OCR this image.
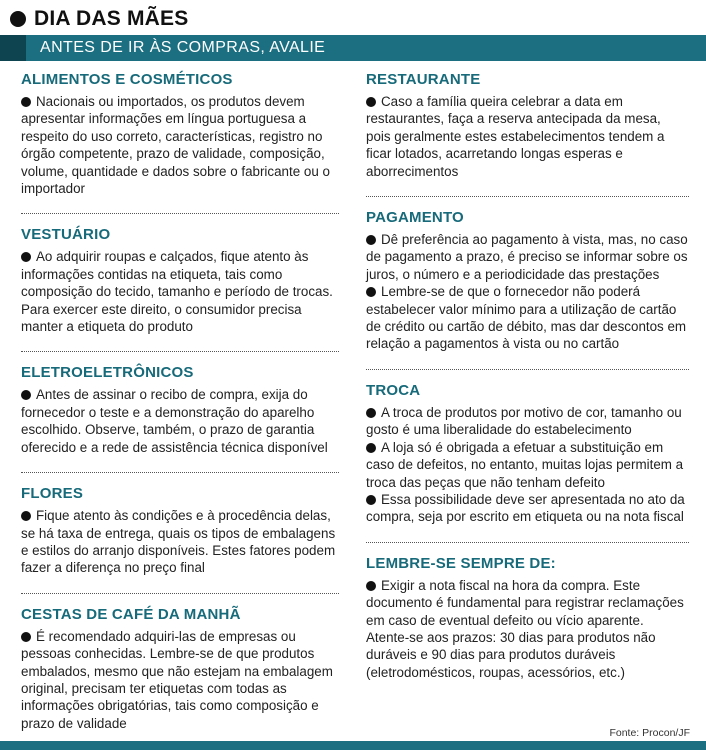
DIA DAS MÃES
ANTES DE IR ÀS COMPRAS, AVALIE
ALIMENTOS E COSMÉTICOS

Nacionais ou importados, os produtos devem apresentar informações em língua portuguesa a respeito do uso correto, características, registro no órgão competente, prazo de validade, composição, volume, quantidade e dados sobre o fabricante ou o importador

VESTUÁRIO

Ao adquirir roupas e calçados, fique atento às informações contidas na etiqueta, tais como composição do tecido, tamanho e período de trocas. Para exercer este direito, o consumidor precisa manter a etiqueta do produto

ELETROELETRÔNICOS

Antes de assinar o recibo de compra, exija do fornecedor o teste e a demonstração do aparelho escolhido. Observe, também, o prazo de garantia oferecido e a rede de assistência técnica disponível

FLORES

Fique atento às condições e à procedência delas, se há taxa de entrega, quais os tipos de embalagens e estilos do arranjo disponíveis. Estes fatores podem fazer a diferença no preço final

CESTAS DE CAFÉ DA MANHÃ

É recomendado adquiri-las de empresas ou pessoas conhecidas. Lembre-se de que produtos embalados, mesmo que não estejam na embalagem original, precisam ter etiquetas com todas as informações obrigatórias, tais como composição e prazo de validade

RESTAURANTE

Caso a família queira celebrar a data em restaurantes, faça a reserva antecipada da mesa, pois geralmente estes estabelecimentos tendem a ficar lotados, acarretando longas esperas e aborrecimentos

PAGAMENTO

Dê preferência ao pagamento à vista, mas, no caso de pagamento a prazo, é preciso se informar sobre os juros, o número e a periodicidade das prestações

Lembre-se de que o fornecedor não poderá estabelecer valor mínimo para a utilização de cartão de crédito ou cartão de débito, mas dar descontos em relação a pagamentos à vista ou no cartão

TROCA

A troca de produtos por motivo de cor, tamanho ou gosto é uma liberalidade do estabelecimento

A loja só é obrigada a efetuar a substituição em caso de defeitos, no entanto, muitas lojas permitem a troca das peças que não tenham defeito

Essa possibilidade deve ser apresentada no ato da compra, seja por escrito em etiqueta ou na nota fiscal

LEMBRE-SE SEMPRE DE:

Exigir a nota fiscal na hora da compra. Este documento é fundamental para registrar reclamações em caso de eventual defeito ou vício aparente. Atente-se aos prazos: 30 dias para produtos não duráveis e 90 dias para produtos duráveis (eletrodomésticos, roupas, acessórios, etc.)

Fonte: Procon/JF
